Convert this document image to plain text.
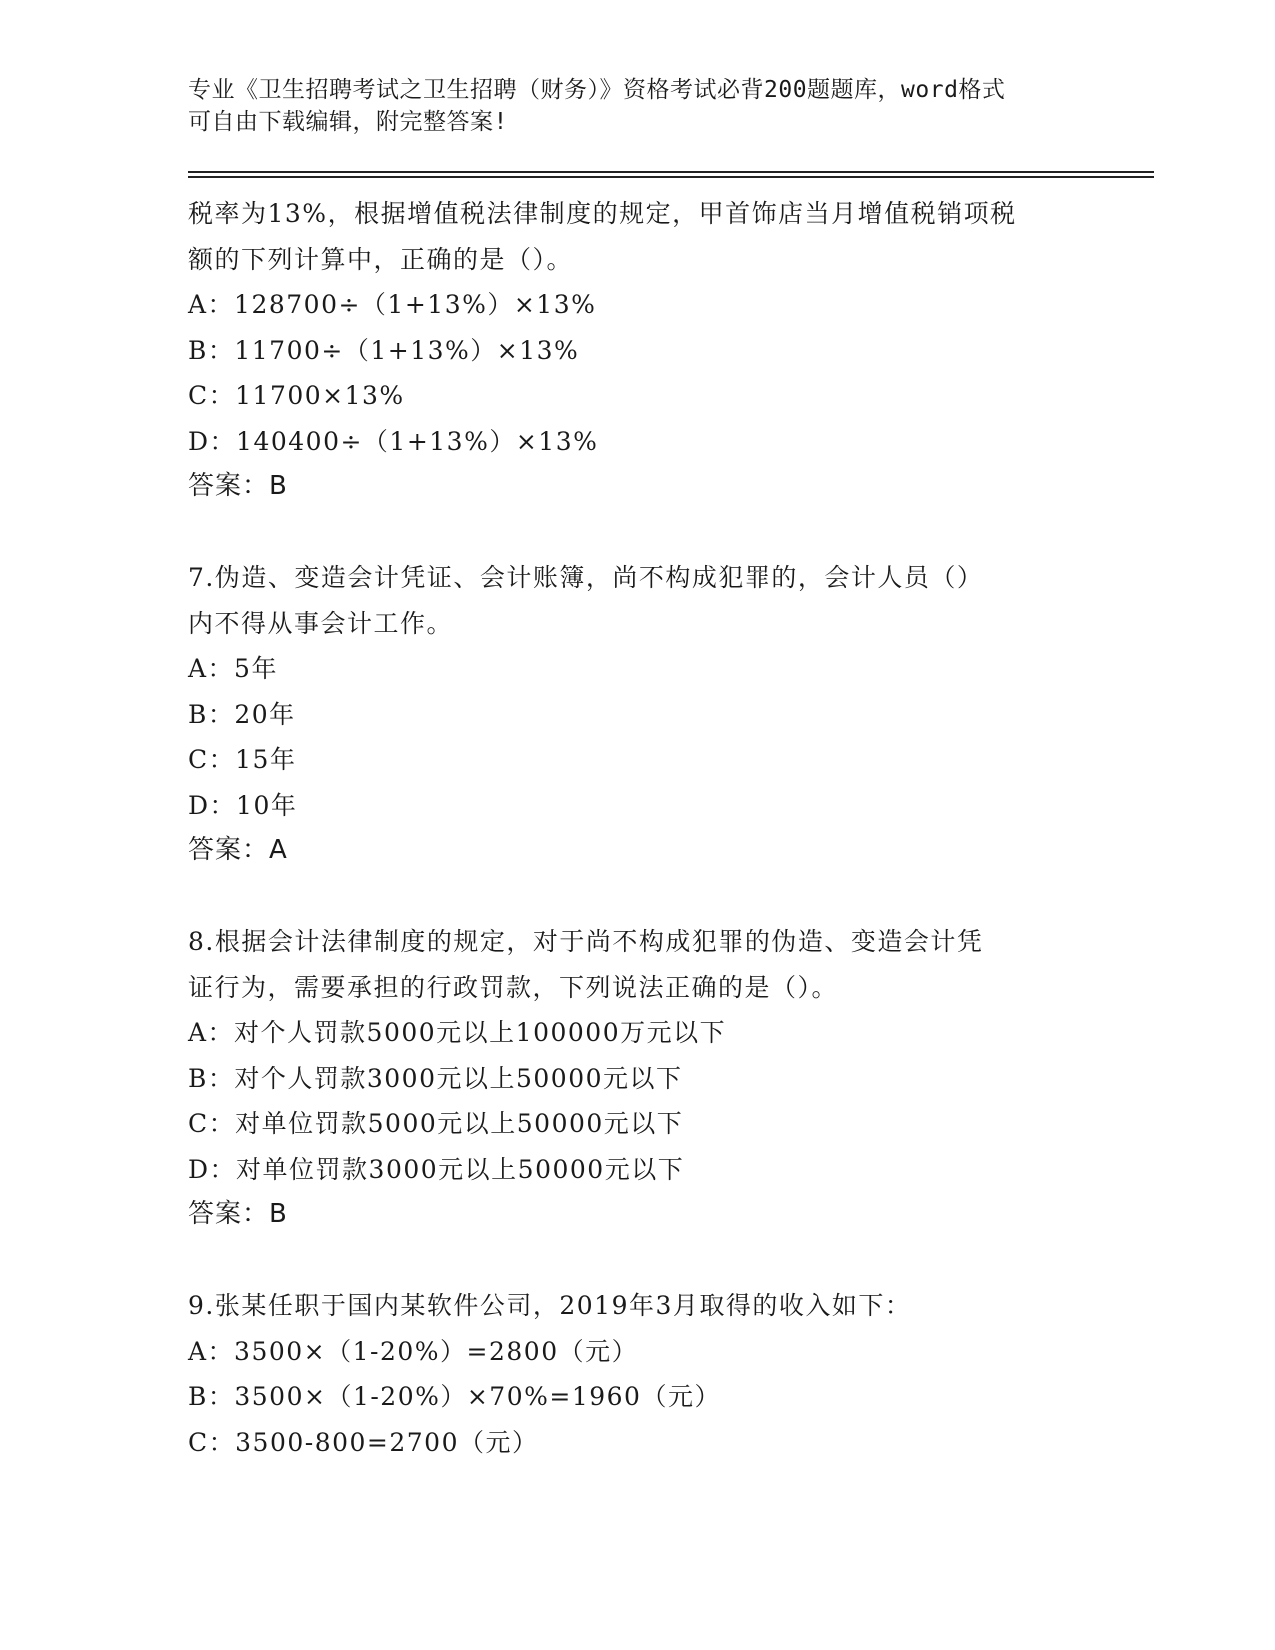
专业《卫生招聘考试之卫生招聘（财务）》资格考试必背200题题库，word格式
可自由下载编辑，附完整答案!
税率为13%，根据增值税法律制度的规定，甲首饰店当月增值税销项税
额的下列计算中，正确的是（）。
A：128700÷（1+13%）×13%
B：11700÷（1+13%）×13%
C：11700×13%
D：140400÷（1+13%）×13%
答案：B
7.伪造、变造会计凭证、会计账簿，尚不构成犯罪的，会计人员（）
内不得从事会计工作。
A：5年
B：20年
C：15年
D：10年
答案：A
8.根据会计法律制度的规定，对于尚不构成犯罪的伪造、变造会计凭
证行为，需要承担的行政罚款，下列说法正确的是（）。
A：对个人罚款5000元以上100000万元以下
B：对个人罚款3000元以上50000元以下
C：对单位罚款5000元以上50000元以下
D：对单位罚款3000元以上50000元以下
答案：B
9.张某任职于国内某软件公司，2019年3月取得的收入如下：
A：3500×（1-20%）=2800（元）
B：3500×（1-20%）×70%=1960（元）
C：3500-800=2700（元）
